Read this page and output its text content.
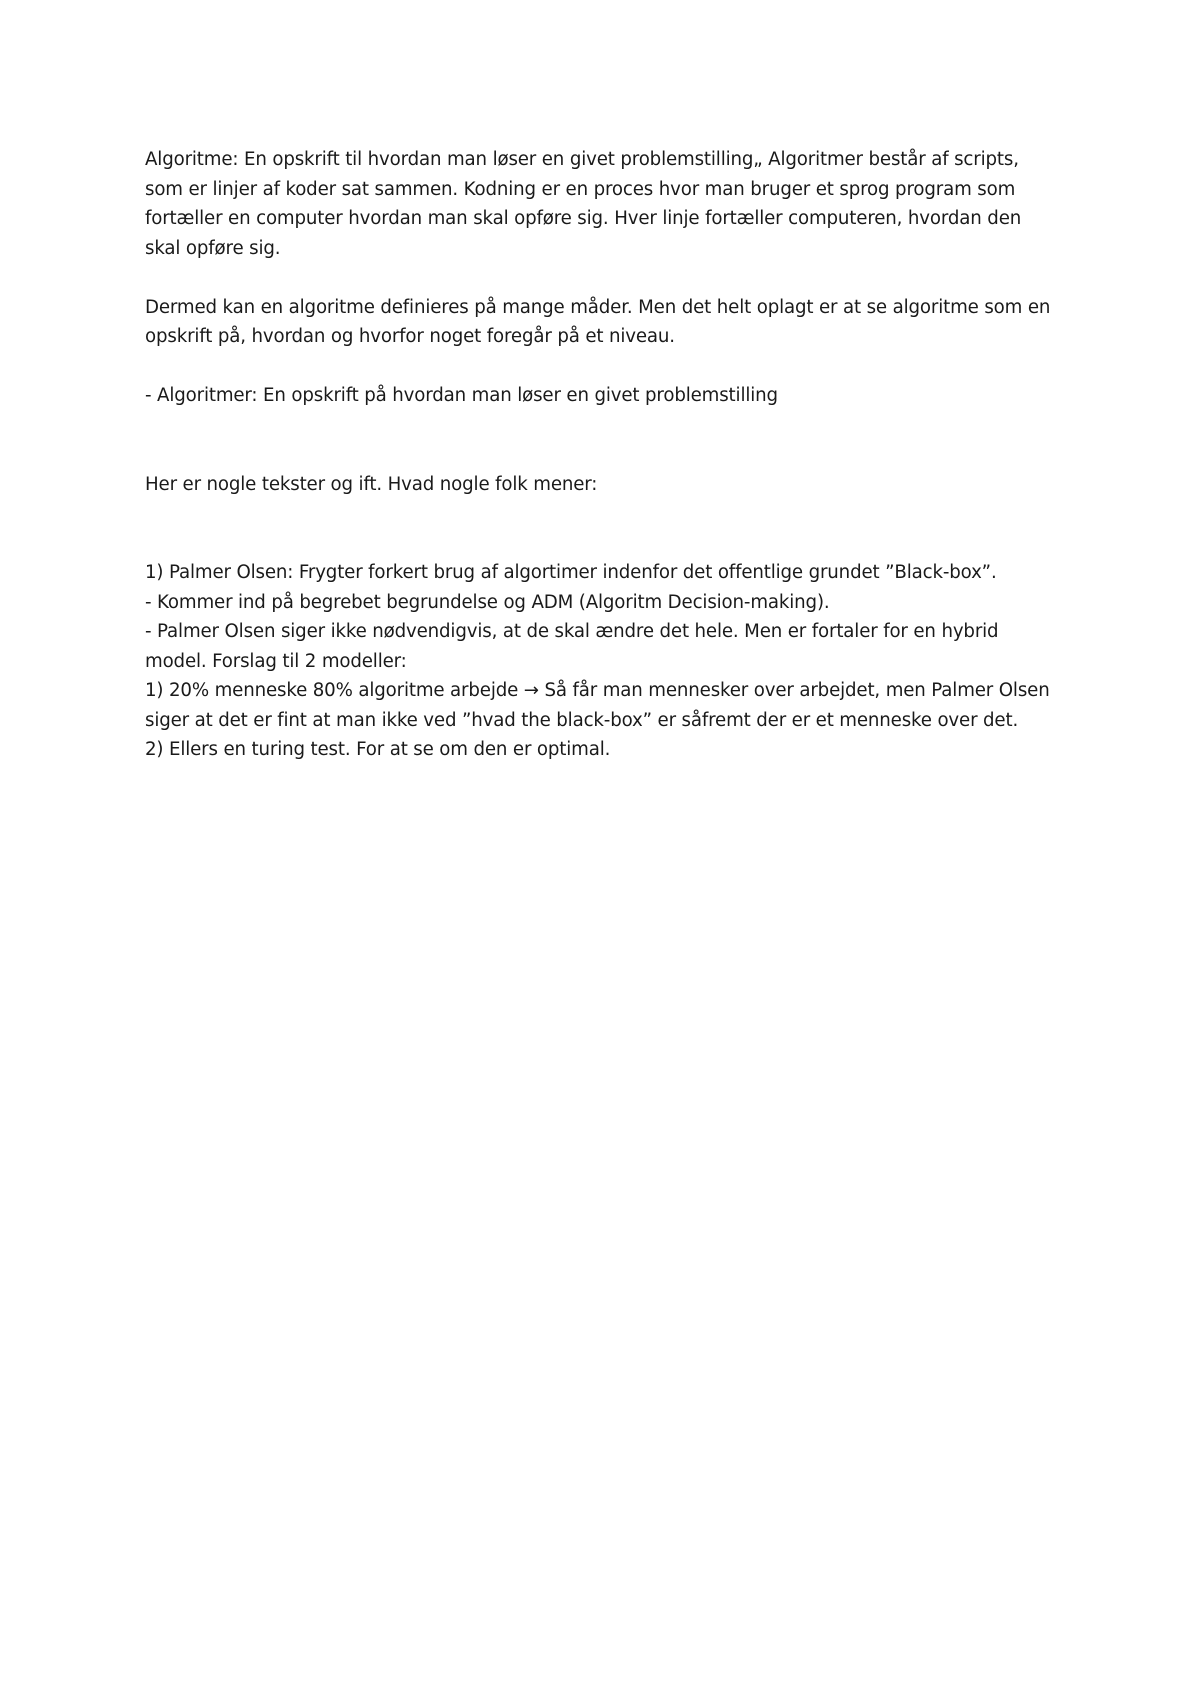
Algoritme: En opskrift til hvordan man løser en givet problemstilling„ Algoritmer består af scripts,
som er linjer af koder sat sammen. Kodning er en proces hvor man bruger et sprog program som
fortæller en computer hvordan man skal opføre sig. Hver linje fortæller computeren, hvordan den
skal opføre sig.

Dermed kan en algoritme definieres på mange måder. Men det helt oplagt er at se algoritme som en
opskrift på, hvordan og hvorfor noget foregår på et niveau.

- Algoritmer: En opskrift på hvordan man løser en givet problemstilling

Her er nogle tekster og ift. Hvad nogle folk mener:

1) Palmer Olsen: Frygter forkert brug af algortimer indenfor det offentlige grundet ”Black-box”.
- Kommer ind på begrebet begrundelse og ADM (Algoritm Decision-making).
- Palmer Olsen siger ikke nødvendigvis, at de skal ændre det hele. Men er fortaler for en hybrid
model. Forslag til 2 modeller:
1) 20% menneske 80% algoritme arbejde → Så får man mennesker over arbejdet, men Palmer Olsen
siger at det er fint at man ikke ved ”hvad the black-box” er såfremt der er et menneske over det.
2) Ellers en turing test. For at se om den er optimal.
